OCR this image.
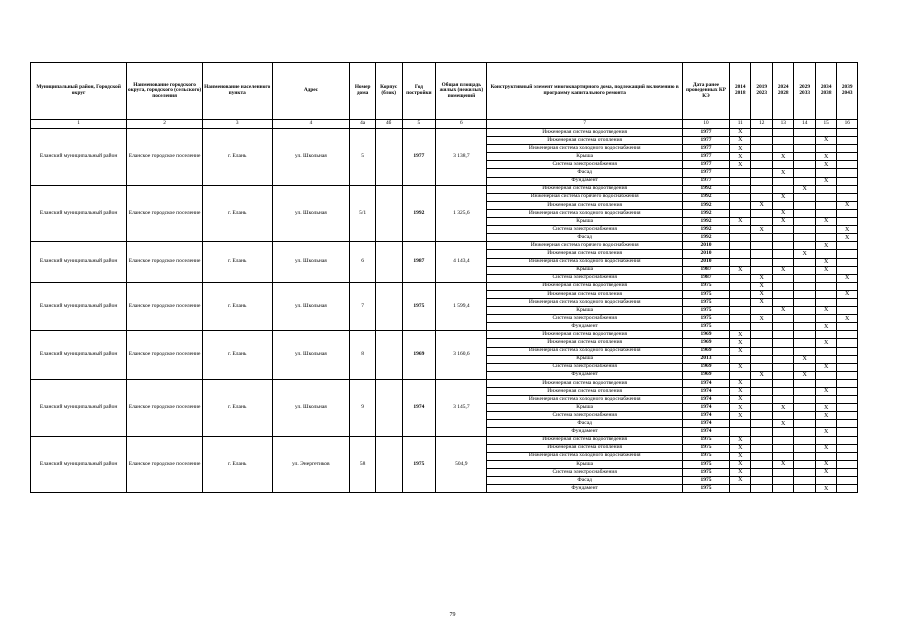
Муниципальный район, Городской округ	Наименование городского округа, городского (сельского) поселения	Наименование населенного пункта	Адрес	Номер дома	Корпус (блок)	Год постройки	Общая площадь жилых (нежилых) помещений	Конструктивный элемент многоквартирного дома, подлежащий включению в программу капитального ремонта	Дата ранее проведенных КР КЭ	2014 2018	2019 2023	2024 2028	2029 2033	2034 2038	2039 2043
1	2	3	4	4а	4б	5	6	7	10	11	12	13	14	15	16
Еланский муниципальный район	Еланское городское поселение	г. Елань	ул. Школьная	5		1977	3 138,7	Инженерная система водоотведения	1977	Х					
								Инженерная система отопления	1977	Х				Х	
								Инженерная система холодного водоснабжения	1977	Х					
								Крыша	1977	Х		Х		Х	
								Система электроснабжения	1977	Х				Х	
								Фасад	1977			Х			
								Фундамент	1977					Х	
Еланский муниципальный район	Еланское городское поселение	г. Елань	ул. Школьная	5/1		1992	1 325,6	Инженерная система водоотведения	1992				Х		
								Инженерная система горячего водоснабжения	1992			Х			
								Инженерная система отопления	1992		Х				Х
								Инженерная система холодного водоснабжения	1992			Х			
								Крыша	1992	Х		Х		Х	
								Система электроснабжения	1992		Х				Х
								Фасад	1992						Х
Еланский муниципальный район	Еланское городское поселение	г. Елань	ул. Школьная	6		1987	4 143,4	Инженерная система горячего водоснабжения	2010					Х	
								Инженерная система отопления	2010				Х		
								Инженерная система холодного водоснабжения	2010					Х	
								Крыша	1987	Х		Х		Х	
								Система электроснабжения	1987		Х				Х
Еланский муниципальный район	Еланское городское поселение	г. Елань	ул. Школьная	7		1975	1 599,4	Инженерная система водоотведения	1975		Х				
								Инженерная система отопления	1975		Х				Х
								Инженерная система холодного водоснабжения	1975		Х				
								Крыша	1975			Х		Х	
								Система электроснабжения	1975		Х				Х
								Фундамент	1975					Х	
Еланский муниципальный район	Еланское городское поселение	г. Елань	ул. Школьная	8		1969	3 160,6	Инженерная система водоотведения	1969	Х					
								Инженерная система отопления	1969	Х				Х	
								Инженерная система холодного водоснабжения	1969	Х					
								Крыша	2013				Х		
								Система электроснабжения	1969	Х				Х	
								Фундамент	1969		Х		Х		
Еланский муниципальный район	Еланское городское поселение	г. Елань	ул. Школьная	9		1974	3 145,7	Инженерная система водоотведения	1974	Х					
								Инженерная система отопления	1974	Х				Х	
								Инженерная система холодного водоснабжения	1974	Х					
								Крыша	1974	Х		Х		Х	
								Система электроснабжения	1974	Х				Х	
								Фасад	1974			Х			
								Фундамент	1974					Х	
Еланский муниципальный район	Еланское городское поселение	г. Елань	ул. Энергетиков	58		1975	504,9	Инженерная система водоотведения	1975	Х					
								Инженерная система отопления	1975	Х				Х	
								Инженерная система холодного водоснабжения	1975	Х					
								Крыша	1975	Х		Х		Х	
								Система электроснабжения	1975	Х				Х	
								Фасад	1975	Х					
								Фундамент	1975					Х	
79
